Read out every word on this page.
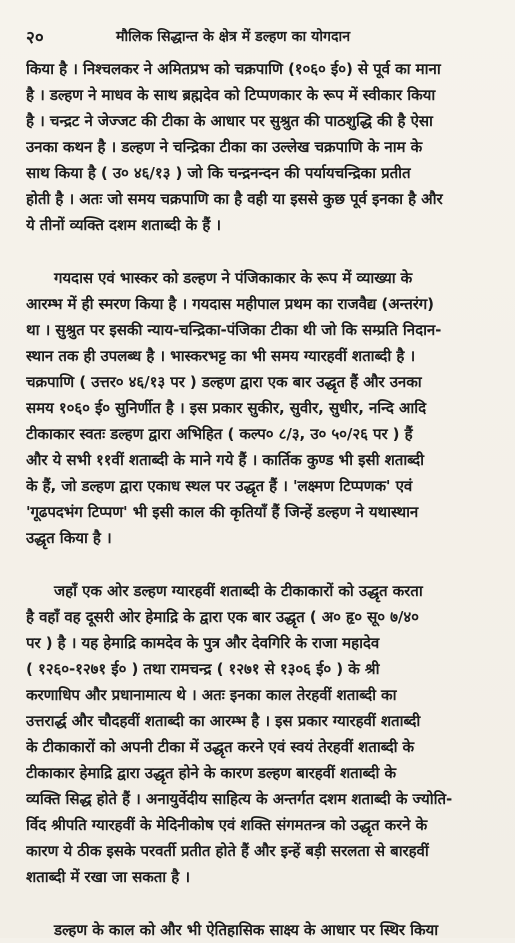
२०	मौलिक सिद्धान्त के क्षेत्र में डल्हण का योगदान

किया है । निश्चलकर ने अमितप्रभ को चक्रपाणि (१०६० ई०) से पूर्व का माना
है । डल्हण ने माधव के साथ ब्रह्मदेव को टिप्पणकार के रूप में स्वीकार किया
है । चन्द्रट ने जेज्जट की टीका के आधार पर सुश्रुत की पाठशुद्धि की है ऐसा
उनका कथन है । डल्हण ने चन्द्रिका टीका का उल्लेख चक्रपाणि के नाम के
साथ किया है ( उ० ४६/१३ ) जो कि चन्द्रनन्दन की पर्यायचन्द्रिका प्रतीत
होती है । अतः जो समय चक्रपाणि का है वही या इससे कुछ पूर्व इनका है और
ये तीनों व्यक्ति दशम शताब्दी के हैं ।

गयदास एवं भास्कर को डल्हण ने पंजिकाकार के रूप में व्याख्या के
आरम्भ में ही स्मरण किया है । गयदास महीपाल प्रथम का राजवैद्य (अन्तरंग)
था । सुश्रुत पर इसकी न्याय-चन्द्रिका-पंजिका टीका थी जो कि सम्प्रति निदान-
स्थान तक ही उपलब्ध है । भास्करभट्ट का भी समय ग्यारहवीं शताब्दी है ।
चक्रपाणि ( उत्तर० ४६/१३ पर ) डल्हण द्वारा एक बार उद्धृत हैं और उनका
समय १०६० ई० सुनिर्णीत है । इस प्रकार सुकीर, सुवीर, सुधीर, नन्दि आदि
टीकाकार स्वतः डल्हण द्वारा अभिहित ( कल्प० ८/३, उ० ५०/२६ पर ) हैं
और ये सभी ११वीं शताब्दी के माने गये हैं । कार्तिक कुण्ड भी इसी शताब्दी
के हैं, जो डल्हण द्वारा एकाध स्थल पर उद्धृत हैं । 'लक्ष्मण टिप्पणक' एवं
'गूढपदभंग टिप्पण' भी इसी काल की कृतियाँ हैं जिन्हें डल्हण ने यथास्थान
उद्धृत किया है ।

जहाँ एक ओर डल्हण ग्यारहवीं शताब्दी के टीकाकारों को उद्धृत करता
है वहाँ वह दूसरी ओर हेमाद्रि के द्वारा एक बार उद्धृत ( अ० हृ० सू० ७/४०
पर ) है । यह हेमाद्रि कामदेव के पुत्र और देवगिरि के राजा महादेव
( १२६०-१२७१ ई० ) तथा रामचन्द्र ( १२७१ से १३०६ ई० ) के श्री
करणाधिप और प्रधानामात्य थे । अतः इनका काल तेरहवीं शताब्दी का
उत्तरार्द्ध और चौदहवीं शताब्दी का आरम्भ है । इस प्रकार ग्यारहवीं शताब्दी
के टीकाकारों को अपनी टीका में उद्धृत करने एवं स्वयं तेरहवीं शताब्दी के
टीकाकार हेमाद्रि द्वारा उद्धृत होने के कारण डल्हण बारहवीं शताब्दी के
व्यक्ति सिद्ध होते हैं । अनायुर्वेदीय साहित्य के अन्तर्गत दशम शताब्दी के ज्योति-
र्विद श्रीपति ग्यारहवीं के मेदिनीकोष एवं शक्ति संगमतन्त्र को उद्धृत करने के
कारण ये ठीक इसके परवर्ती प्रतीत होते हैं और इन्हें बड़ी सरलता से बारहवीं
शताब्दी में रखा जा सकता है ।

डल्हण के काल को और भी ऐतिहासिक साक्ष्य के आधार पर स्थिर किया
